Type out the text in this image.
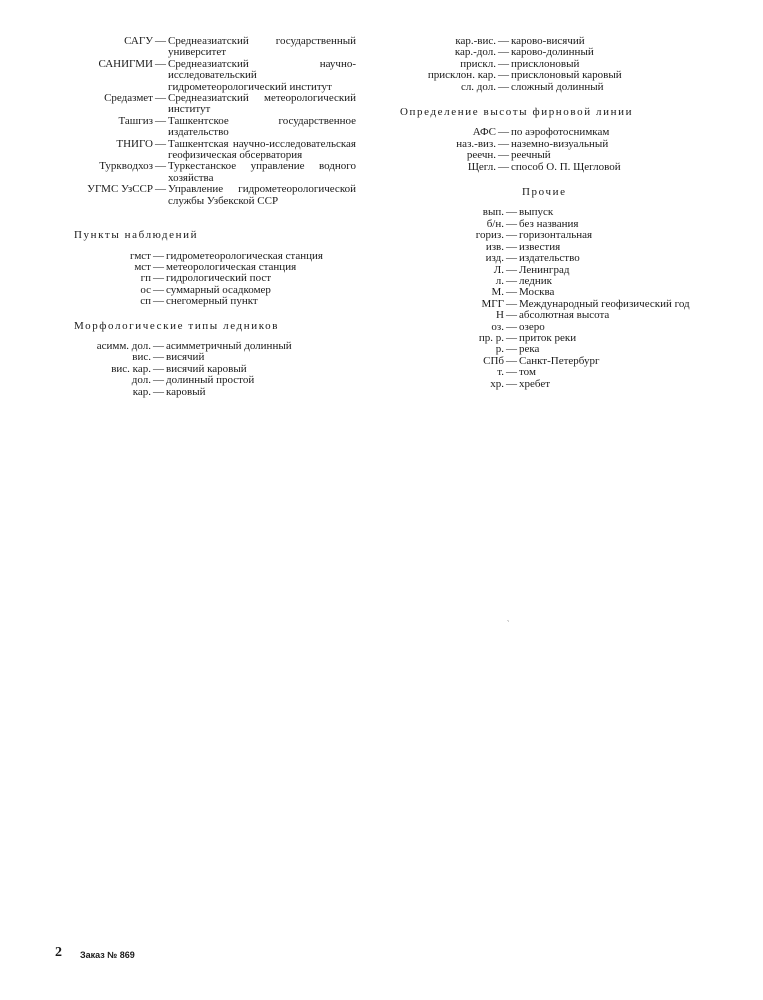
САГУ — Среднеазиатский государственный университет
САНИГМИ — Среднеазиатский научно-исследовательский гидрометеорологический институт
Средазмет — Среднеазиатский метеорологический институт
Ташгиз — Ташкентское государственное издательство
ТНИГО — Ташкентская научно-исследовательская геофизическая обсерватория
Турквoдхоз — Туркестанское управление водного хозяйства
УГМС УзССР — Управление гидрометеорологической службы Узбекской ССР
Пункты наблюдений
гмст — гидрометеорологическая станция
мст — метеорологическая станция
гп — гидрологический пост
ос — суммарный осадкомер
сп — снегомерный пункт
Морфологические типы ледников
асимм. дол. — асимметричный долинный
вис. — висячий
вис. кар. — висячий каровый
дол. — долинный простой
кар. — каровый
кар.-вис. — карово-висячий
кар.-дол. — карово-долинный
прискл. — присклоновый
присклон. кар. — присклоновый каровый
сл. дол. — сложный долинный
Определение высоты фирновой линии
АФС — по аэрофотоснимкам
наз.-виз. — наземно-визуальный
реечн. — реечный
Щегл. — способ О. П. Щегловой
Прочие
вып. — выпуск
б/н. — без названия
гориз. — горизонтальная
изв. — известия
изд. — издательство
Л. — Ленинград
л. — ледник
М. — Москва
МГГ — Международный геофизический год
Н — абсолютная высота
оз. — озеро
пр. р. — приток реки
р. — река
СПб — Санкт-Петербург
т. — том
хр. — хребет
ˎ
2 Заказ № 869
